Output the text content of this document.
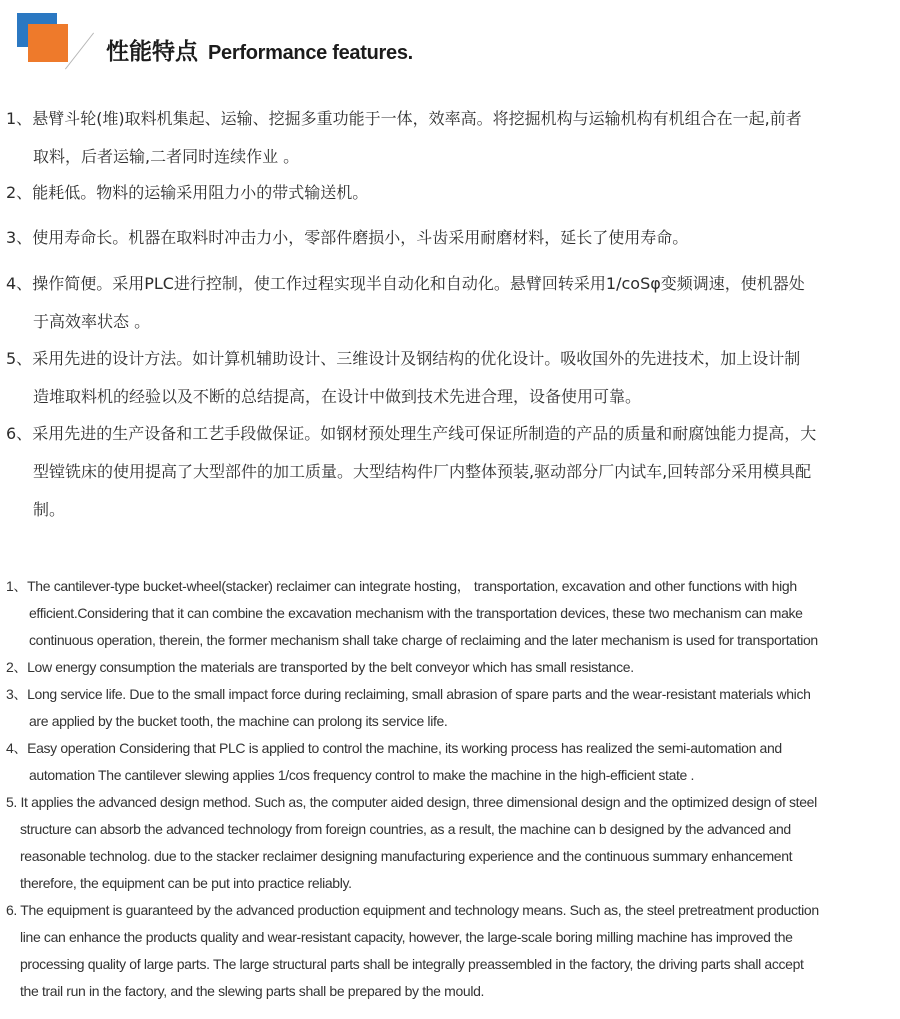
性能特点 Performance features.
1、悬臂斗轮(堆)取料机集起、运输、挖掘多重功能于一体，效率高。将挖掘机构与运输机构有机组合在一起,前者
取料，后者运输,二者同时连续作业 。
2、能耗低。物料的运输采用阻力小的带式输送机。
3、使用寿命长。机器在取料时冲击力小，零部件磨损小，斗齿采用耐磨材料，延长了使用寿命。
4、操作简便。采用PLC进行控制，使工作过程实现半自动化和自动化。悬臂回转采用1/coSφ变频调速，使机器处
于高效率状态 。
5、采用先进的设计方法。如计算机辅助设计、三维设计及钢结构的优化设计。吸收国外的先进技术，加上设计制
造堆取料机的经验以及不断的总结提高，在设计中做到技术先进合理，设备使用可靠。
6、采用先进的生产设备和工艺手段做保证。如钢材预处理生产线可保证所制造的产品的质量和耐腐蚀能力提高，大
型镗铣床的使用提高了大型部件的加工质量。大型结构件厂内整体预装,驱动部分厂内试车,回转部分采用模具配
制。
1、The cantilever-type bucket-wheel(stacker) reclaimer can integrate hosting， transportation, excavation and other functions with high
efficient.Considering that it can combine the excavation mechanism with the transportation devices, these two mechanism can make
continuous operation, therein, the former mechanism shall take charge of reclaiming and the later mechanism is used for transportation
2、Low energy consumption the materials are transported by the belt conveyor which has small resistance.
3、Long service life. Due to the small impact force during reclaiming, small abrasion of spare parts and the wear-resistant materials which
are applied by the bucket tooth, the machine can prolong its service life.
4、Easy operation Considering that PLC is applied to control the machine, its working process has realized the semi-automation and
automation The cantilever slewing applies 1/cos frequency control to make the machine in the high-efficient state .
5. It applies the advanced design method. Such as, the computer aided design, three dimensional design and the optimized design of steel
structure can absorb the advanced technology from foreign countries, as a result, the machine can b designed by the advanced and
reasonable technolog. due to the stacker reclaimer designing manufacturing experience and the continuous summary enhancement
therefore, the equipment can be put into practice reliably.
6. The equipment is guaranteed by the advanced production equipment and technology means. Such as, the steel pretreatment production
line can enhance the products quality and wear-resistant capacity, however, the large-scale boring milling machine has improved the
processing quality of large parts. The large structural parts shall be integrally preassembled in the factory, the driving parts shall accept
the trail run in the factory, and the slewing parts shall be prepared by the mould.
